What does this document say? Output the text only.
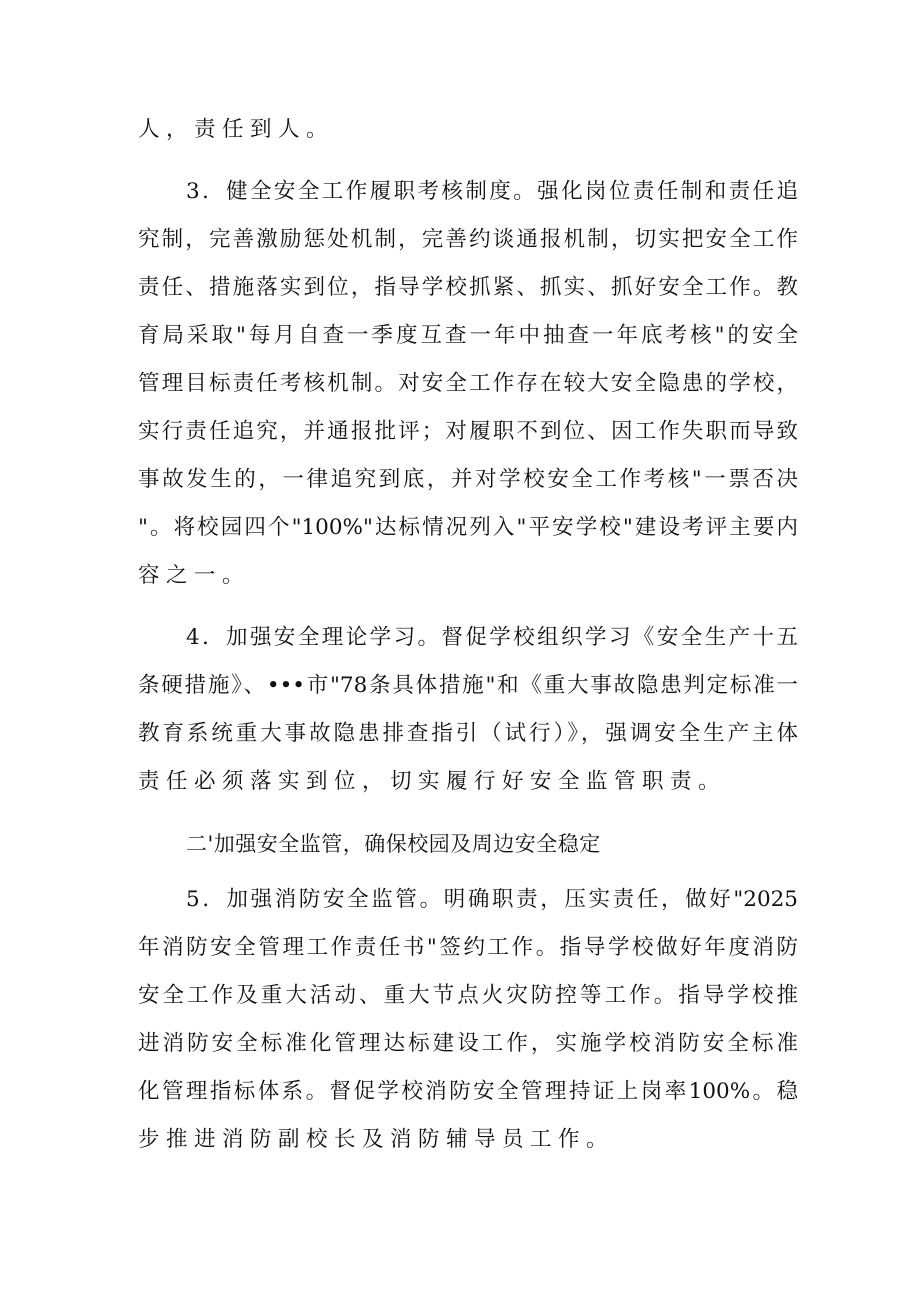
人，责任到人。
3．健全安全工作履职考核制度。强化岗位责任制和责任追
究制，完善激励惩处机制，完善约谈通报机制，切实把安全工作
责任、措施落实到位，指导学校抓紧、抓实、抓好安全工作。教
育局采取"每月自查一季度互查一年中抽查一年底考核"的安全
管理目标责任考核机制。对安全工作存在较大安全隐患的学校，
实行责任追究，并通报批评；对履职不到位、因工作失职而导致
事故发生的，一律追究到底，并对学校安全工作考核"一票否决
"。将校园四个"100%"达标情况列入"平安学校"建设考评主要内
容之一。
4．加强安全理论学习。督促学校组织学习《安全生产十五
条硬措施》、•••市"78条具体措施"和《重大事故隐患判定标准一
教育系统重大事故隐患排查指引（试行）》，强调安全生产主体
责任必须落实到位，切实履行好安全监管职责。
二'加强安全监管，确保校园及周边安全稳定
5．加强消防安全监管。明确职责，压实责任，做好"2025
年消防安全管理工作责任书"签约工作。指导学校做好年度消防
安全工作及重大活动、重大节点火灾防控等工作。指导学校推
进消防安全标准化管理达标建设工作，实施学校消防安全标准
化管理指标体系。督促学校消防安全管理持证上岗率100%。稳
步推进消防副校长及消防辅导员工作。
